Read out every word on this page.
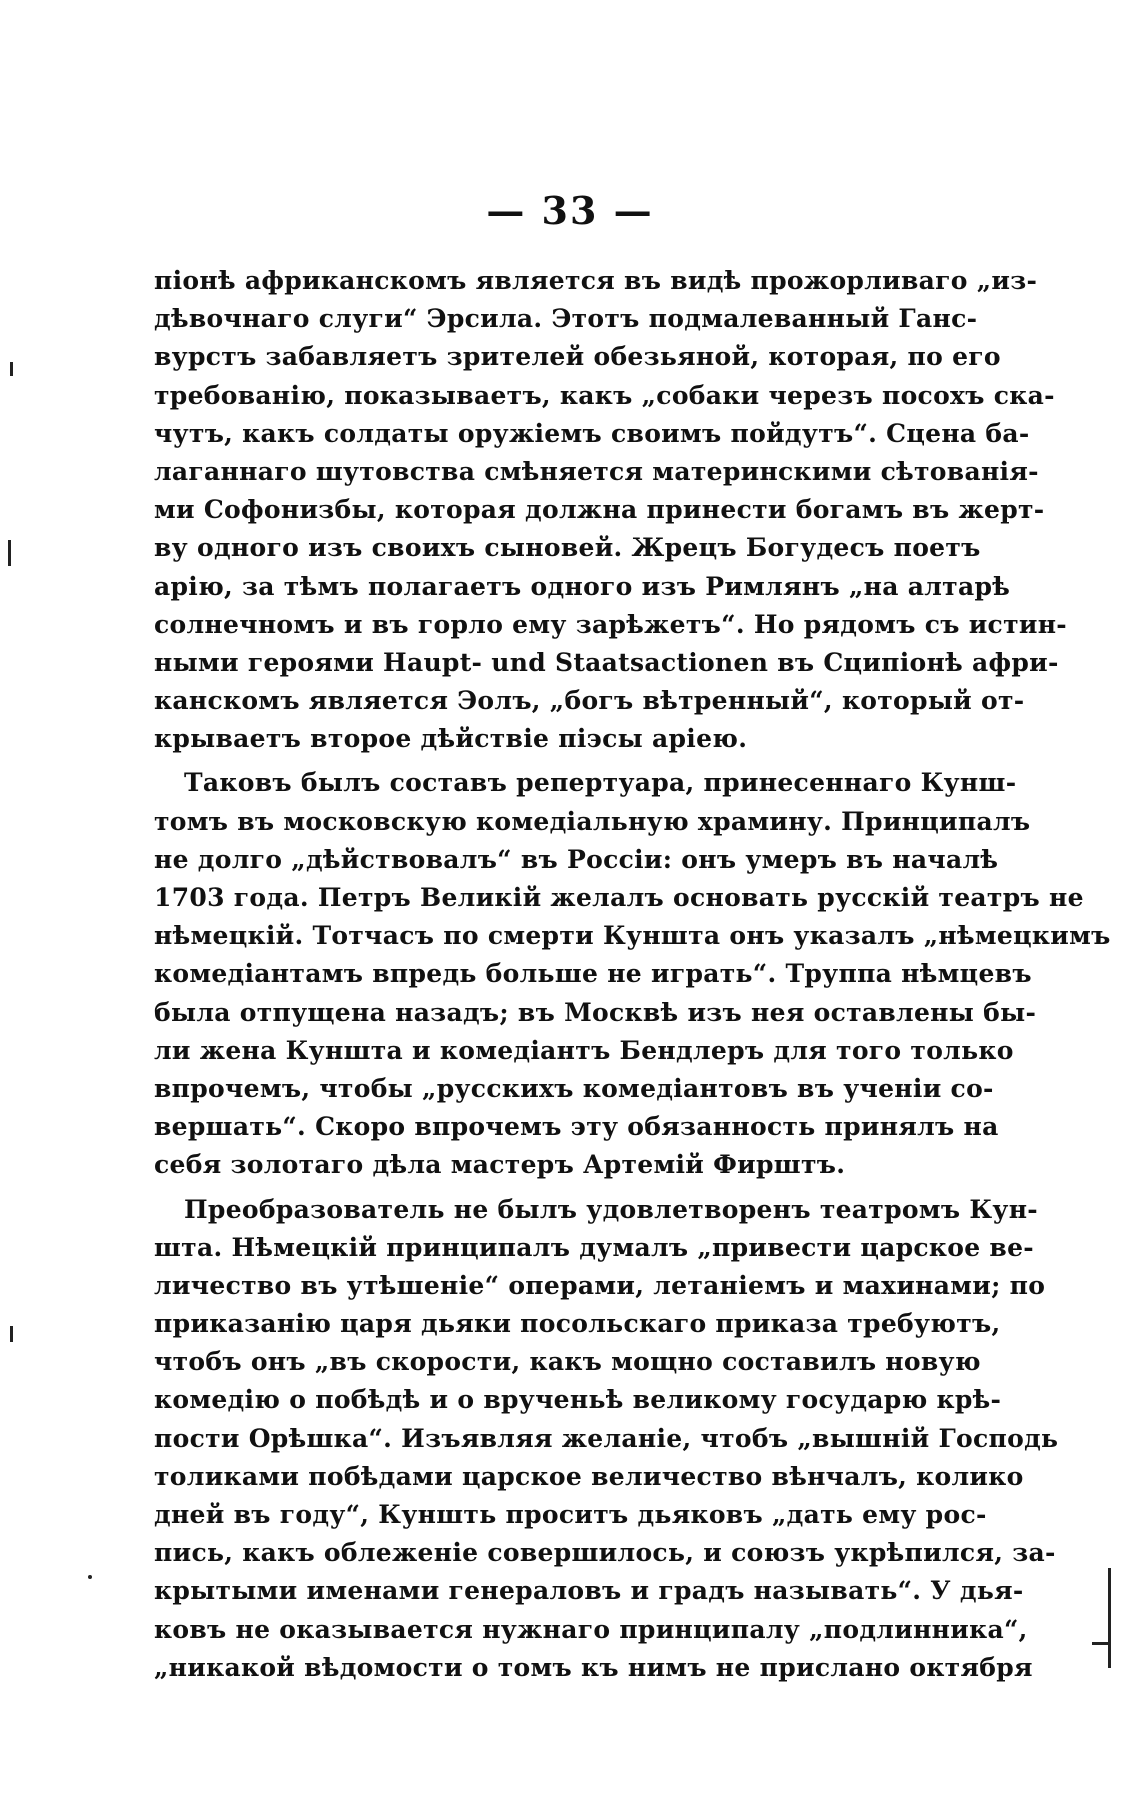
— 33 —
піонѣ африканскомъ является въ видѣ прожорливаго „из-
дѣвочнаго слуги“ Эрсила. Этотъ подмалеванный Ганс-
вурстъ забавляетъ зрителей обезьяной, которая, по его
требованію, показываетъ, какъ „собаки черезъ посохъ ска-
чутъ, какъ солдаты оружіемъ своимъ пойдутъ“. Сцена ба-
лаганнаго шутовства смѣняется материнскими сѣтованія-
ми Софонизбы, которая должна принести богамъ въ жерт-
ву одного изъ своихъ сыновей. Жрецъ Богудесъ поетъ
арію, за тѣмъ полагаетъ одного изъ Римлянъ „на алтарѣ
солнечномъ и въ горло ему зарѣжетъ“. Но рядомъ съ истин-
ными героями Haupt- und Staatsactionen въ Сципіонѣ афри-
канскомъ является Эолъ, „богъ вѣтренный“, который от-
крываетъ второе дѣйствіе піэсы аріею.
Таковъ былъ составъ репертуара, принесеннаго Кунш-
томъ въ московскую комедіальную храмину. Принципалъ
не долго „дѣйствовалъ“ въ Россіи: онъ умеръ въ началѣ
1703 года. Петръ Великій желалъ основать русскій театръ не
нѣмецкій. Тотчасъ по смерти Кунштa онъ указалъ „нѣмецкимъ
комедіантамъ впредь больше не играть“. Труппа нѣмцевъ
была отпущена назадъ; въ Москвѣ изъ нея оставлены бы-
ли жена Куншта и комедіантъ Бендлеръ для того только
впрочемъ, чтобы „русскихъ комедіантовъ въ ученіи со-
вершать“. Скоро впрочемъ эту обязанность принялъ на
себя золотаго дѣла мастеръ Артемій Фирштъ.
Преобразователь не былъ удовлетворенъ театромъ Кун-
шта. Нѣмецкій принципалъ думалъ „привести царское ве-
личество въ утѣшеніе“ операми, летаніемъ и махинами; по
приказанію царя дьяки посольскаго приказа требуютъ,
чтобъ онъ „въ скорости, какъ мощно составилъ новую
комедію о побѣдѣ и о врученьѣ великому государю крѣ-
пости Орѣшка“. Изъявляя желаніе, чтобъ „вышній Господь
толиками побѣдами царское величество вѣнчалъ, колико
дней въ году“, Куншть проситъ дьяковъ „дать ему рос-
пись, какъ облеженіе совершилось, и союзъ укрѣпился, за-
крытыми именами генераловъ и градъ называть“. У дья-
ковъ не оказывается нужнаго принципалу „подлинника“,
„никакой вѣдомости о томъ къ нимъ не прислано октября
